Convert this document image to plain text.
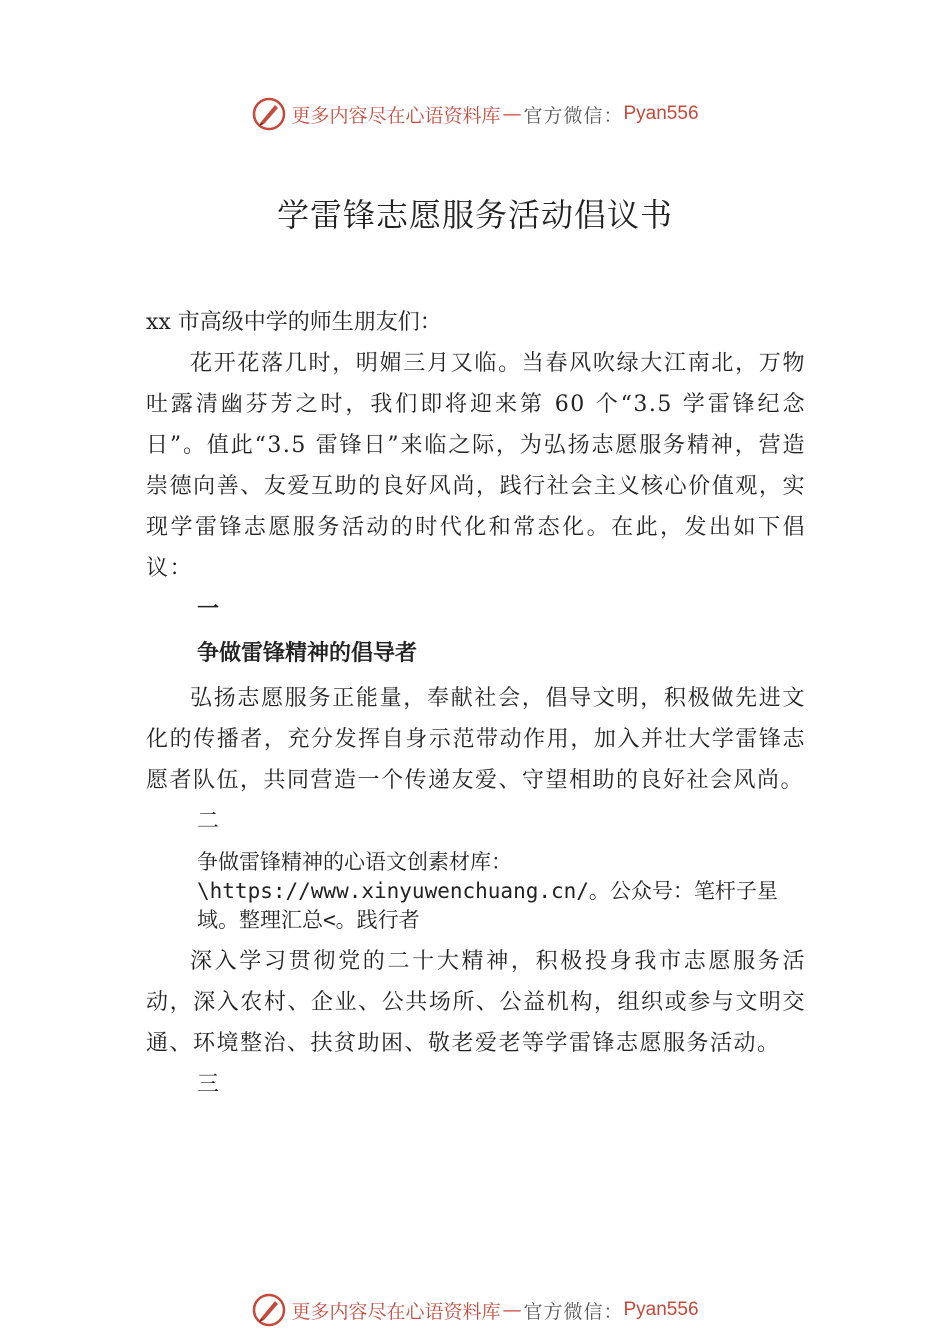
更多内容尽在心语资料库 — 官方微信： Pyan556
学雷锋志愿服务活动倡议书

xx 市高级中学的师生朋友们：

花开花落几时，明媚三月又临。当春风吹绿大江南北，万物吐露清幽芬芳之时，我们即将迎来第 60 个“3.5 学雷锋纪念日”。值此“3.5 雷锋日”来临之际，为弘扬志愿服务精神，营造崇德向善、友爱互助的良好风尚，践行社会主义核心价值观，实现学雷锋志愿服务活动的时代化和常态化。在此，发出如下倡议：

一

争做雷锋精神的倡导者

弘扬志愿服务正能量，奉献社会，倡导文明，积极做先进文化的传播者，充分发挥自身示范带动作用，加入并壮大学雷锋志愿者队伍，共同营造一个传递友爱、守望相助的良好社会风尚。

二

争做雷锋精神的心语文创素材库：\https://www.xinyuwenchuang.cn/。公众号：笔杆子星域。整理汇总<。践行者

深入学习贯彻党的二十大精神，积极投身我市志愿服务活动，深入农村、企业、公共场所、公益机构，组织或参与文明交通、环境整治、扶贫助困、敬老爱老等学雷锋志愿服务活动。

三

更多内容尽在心语资料库 — 官方微信： Pyan556
